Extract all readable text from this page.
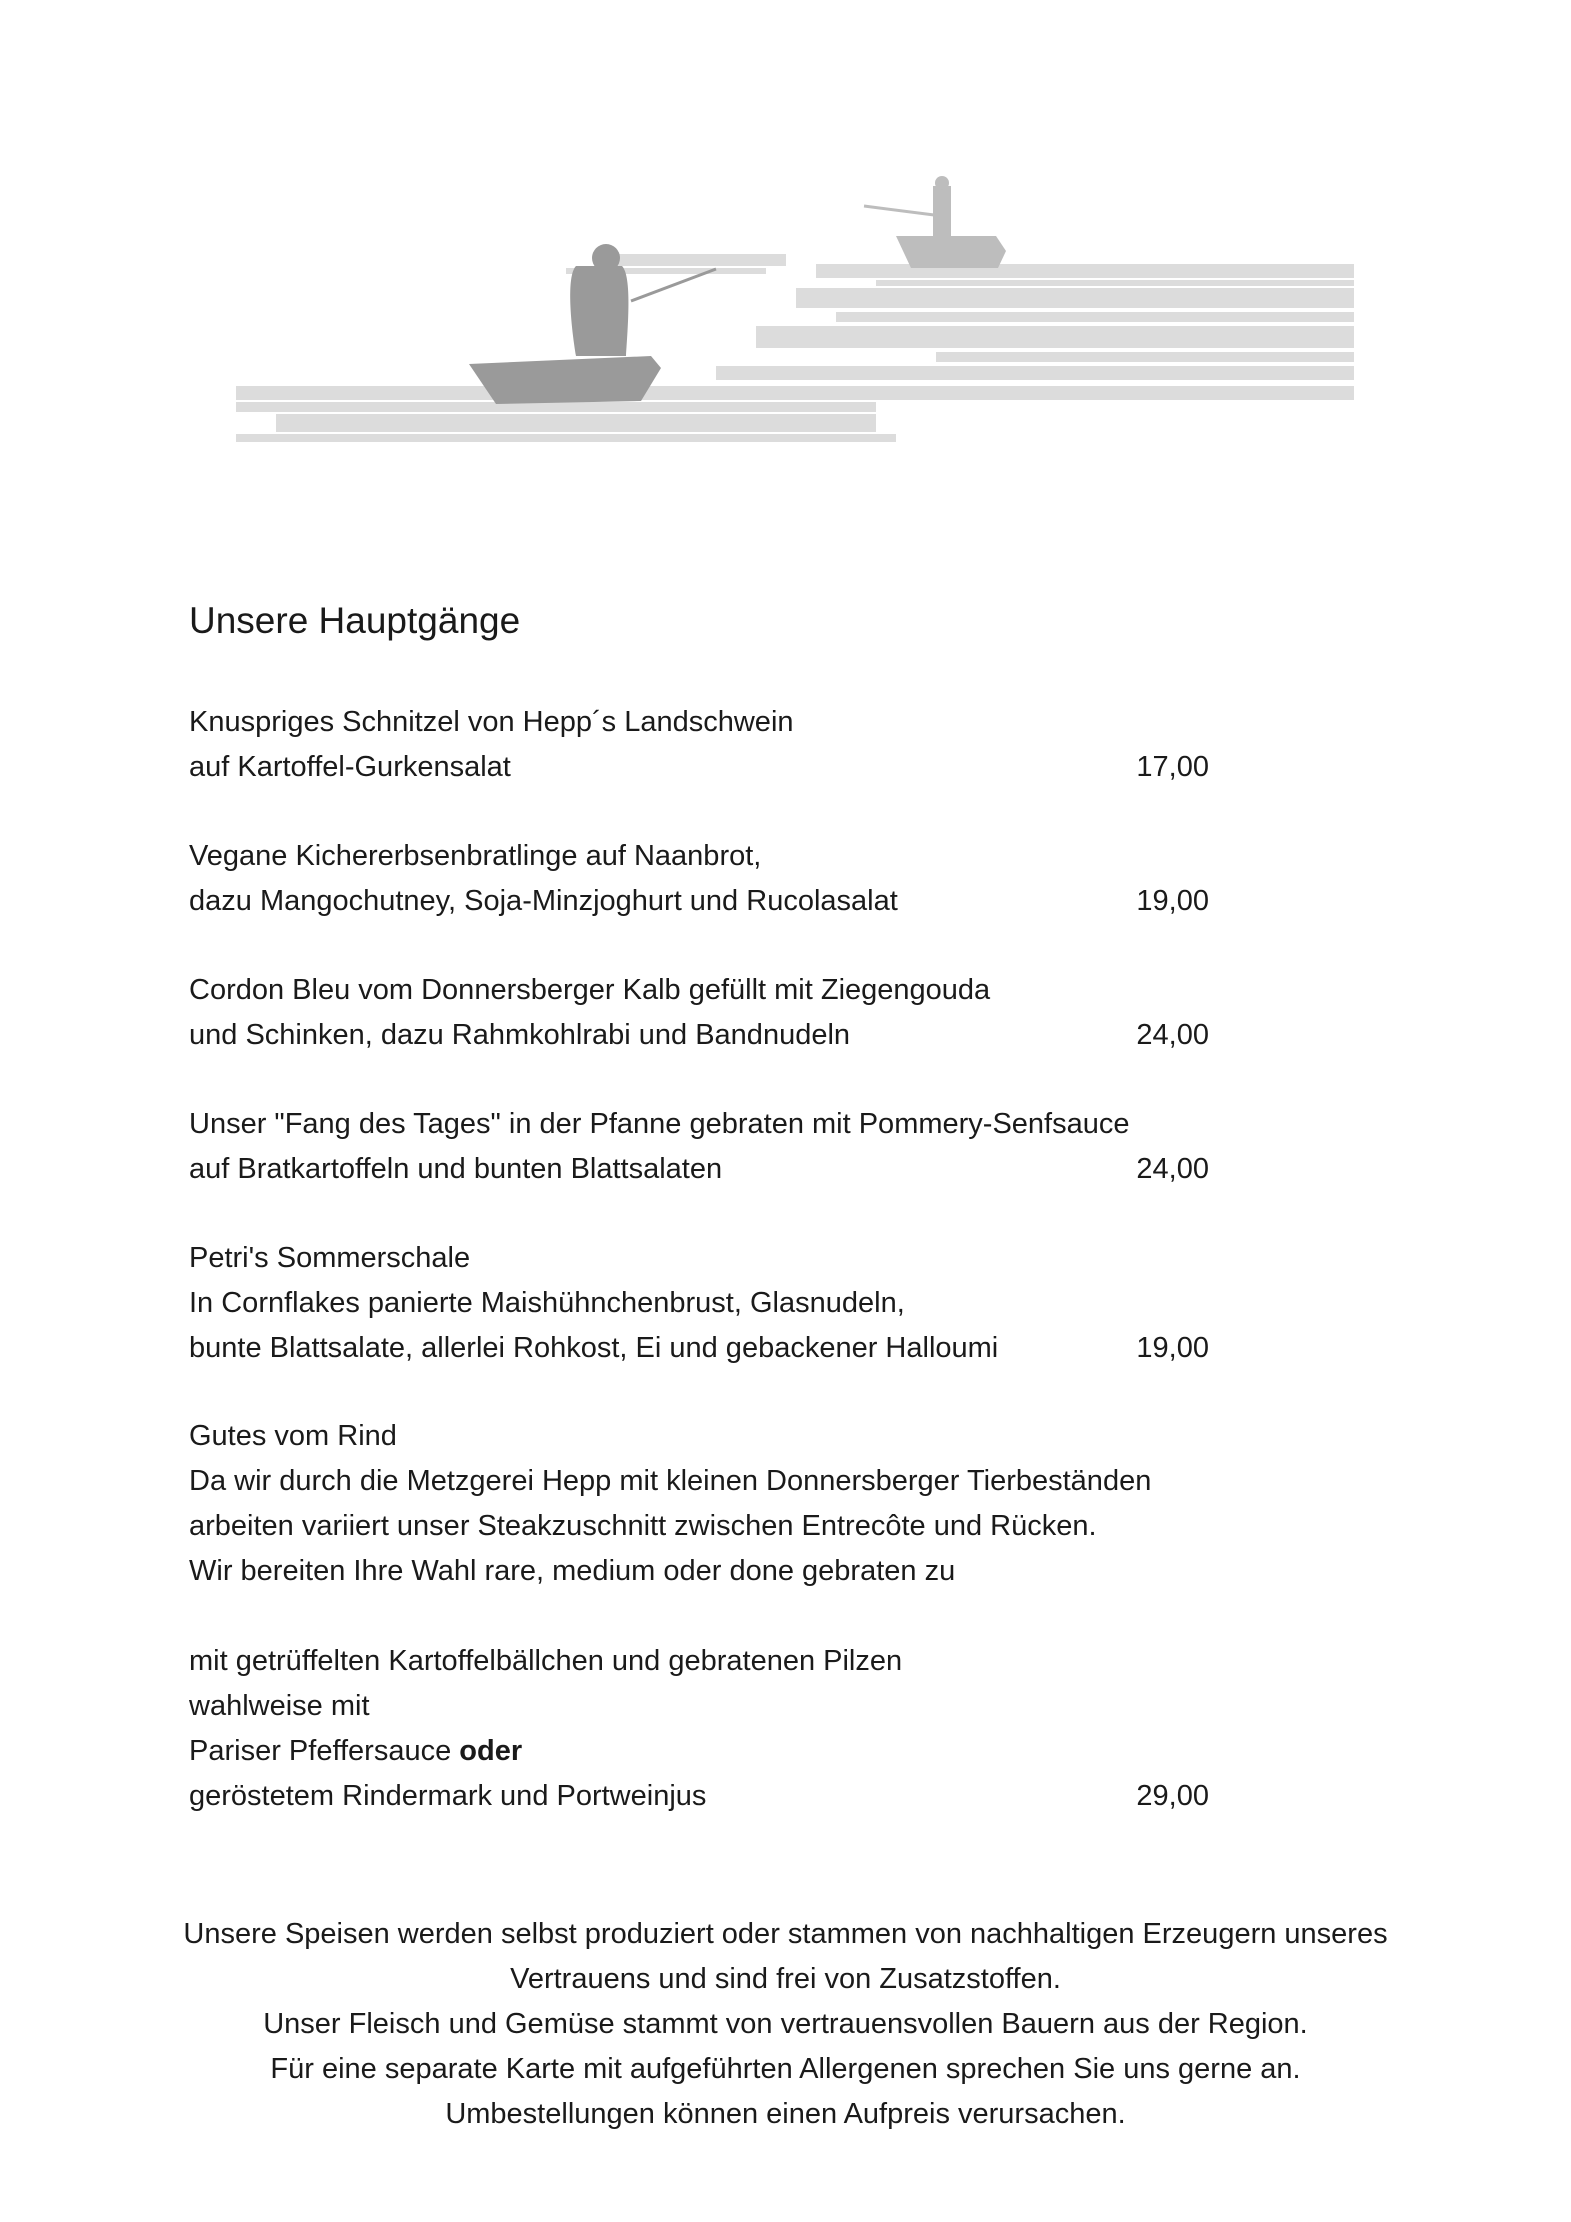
Unsere Hauptgänge
Knuspriges Schnitzel von Hepp´s Landschwein
auf Kartoffel-Gurkensalat	17,00
Vegane Kichererbsenbratlinge auf Naanbrot,
dazu Mangochutney, Soja-Minzjoghurt und Rucolasalat	19,00
Cordon Bleu vom Donnersberger Kalb gefüllt mit Ziegengouda
und Schinken, dazu Rahmkohlrabi und Bandnudeln	24,00
Unser "Fang des Tages" in der Pfanne gebraten mit Pommery-Senfsauce
auf Bratkartoffeln und bunten Blattsalaten	24,00
Petri's Sommerschale
In Cornflakes panierte Maishühnchenbrust, Glasnudeln,
bunte Blattsalate, allerlei Rohkost, Ei und gebackener Halloumi	19,00
Gutes vom Rind
Da wir durch die Metzgerei Hepp mit kleinen Donnersberger Tierbeständen
arbeiten variiert unser Steakzuschnitt zwischen Entrecôte und Rücken.
Wir bereiten Ihre Wahl rare, medium oder done gebraten zu
mit getrüffelten Kartoffelbällchen und gebratenen Pilzen
wahlweise mit
Pariser Pfeffersauce oder
geröstetem Rindermark und Portweinjus	29,00
Unsere Speisen werden selbst produziert oder stammen von nachhaltigen Erzeugern unseres
Vertrauens und sind frei von Zusatzstoffen.
Unser Fleisch und Gemüse stammt von vertrauensvollen Bauern aus der Region.
Für eine separate Karte mit aufgeführten Allergenen sprechen Sie uns gerne an.
Umbestellungen können einen Aufpreis verursachen.
